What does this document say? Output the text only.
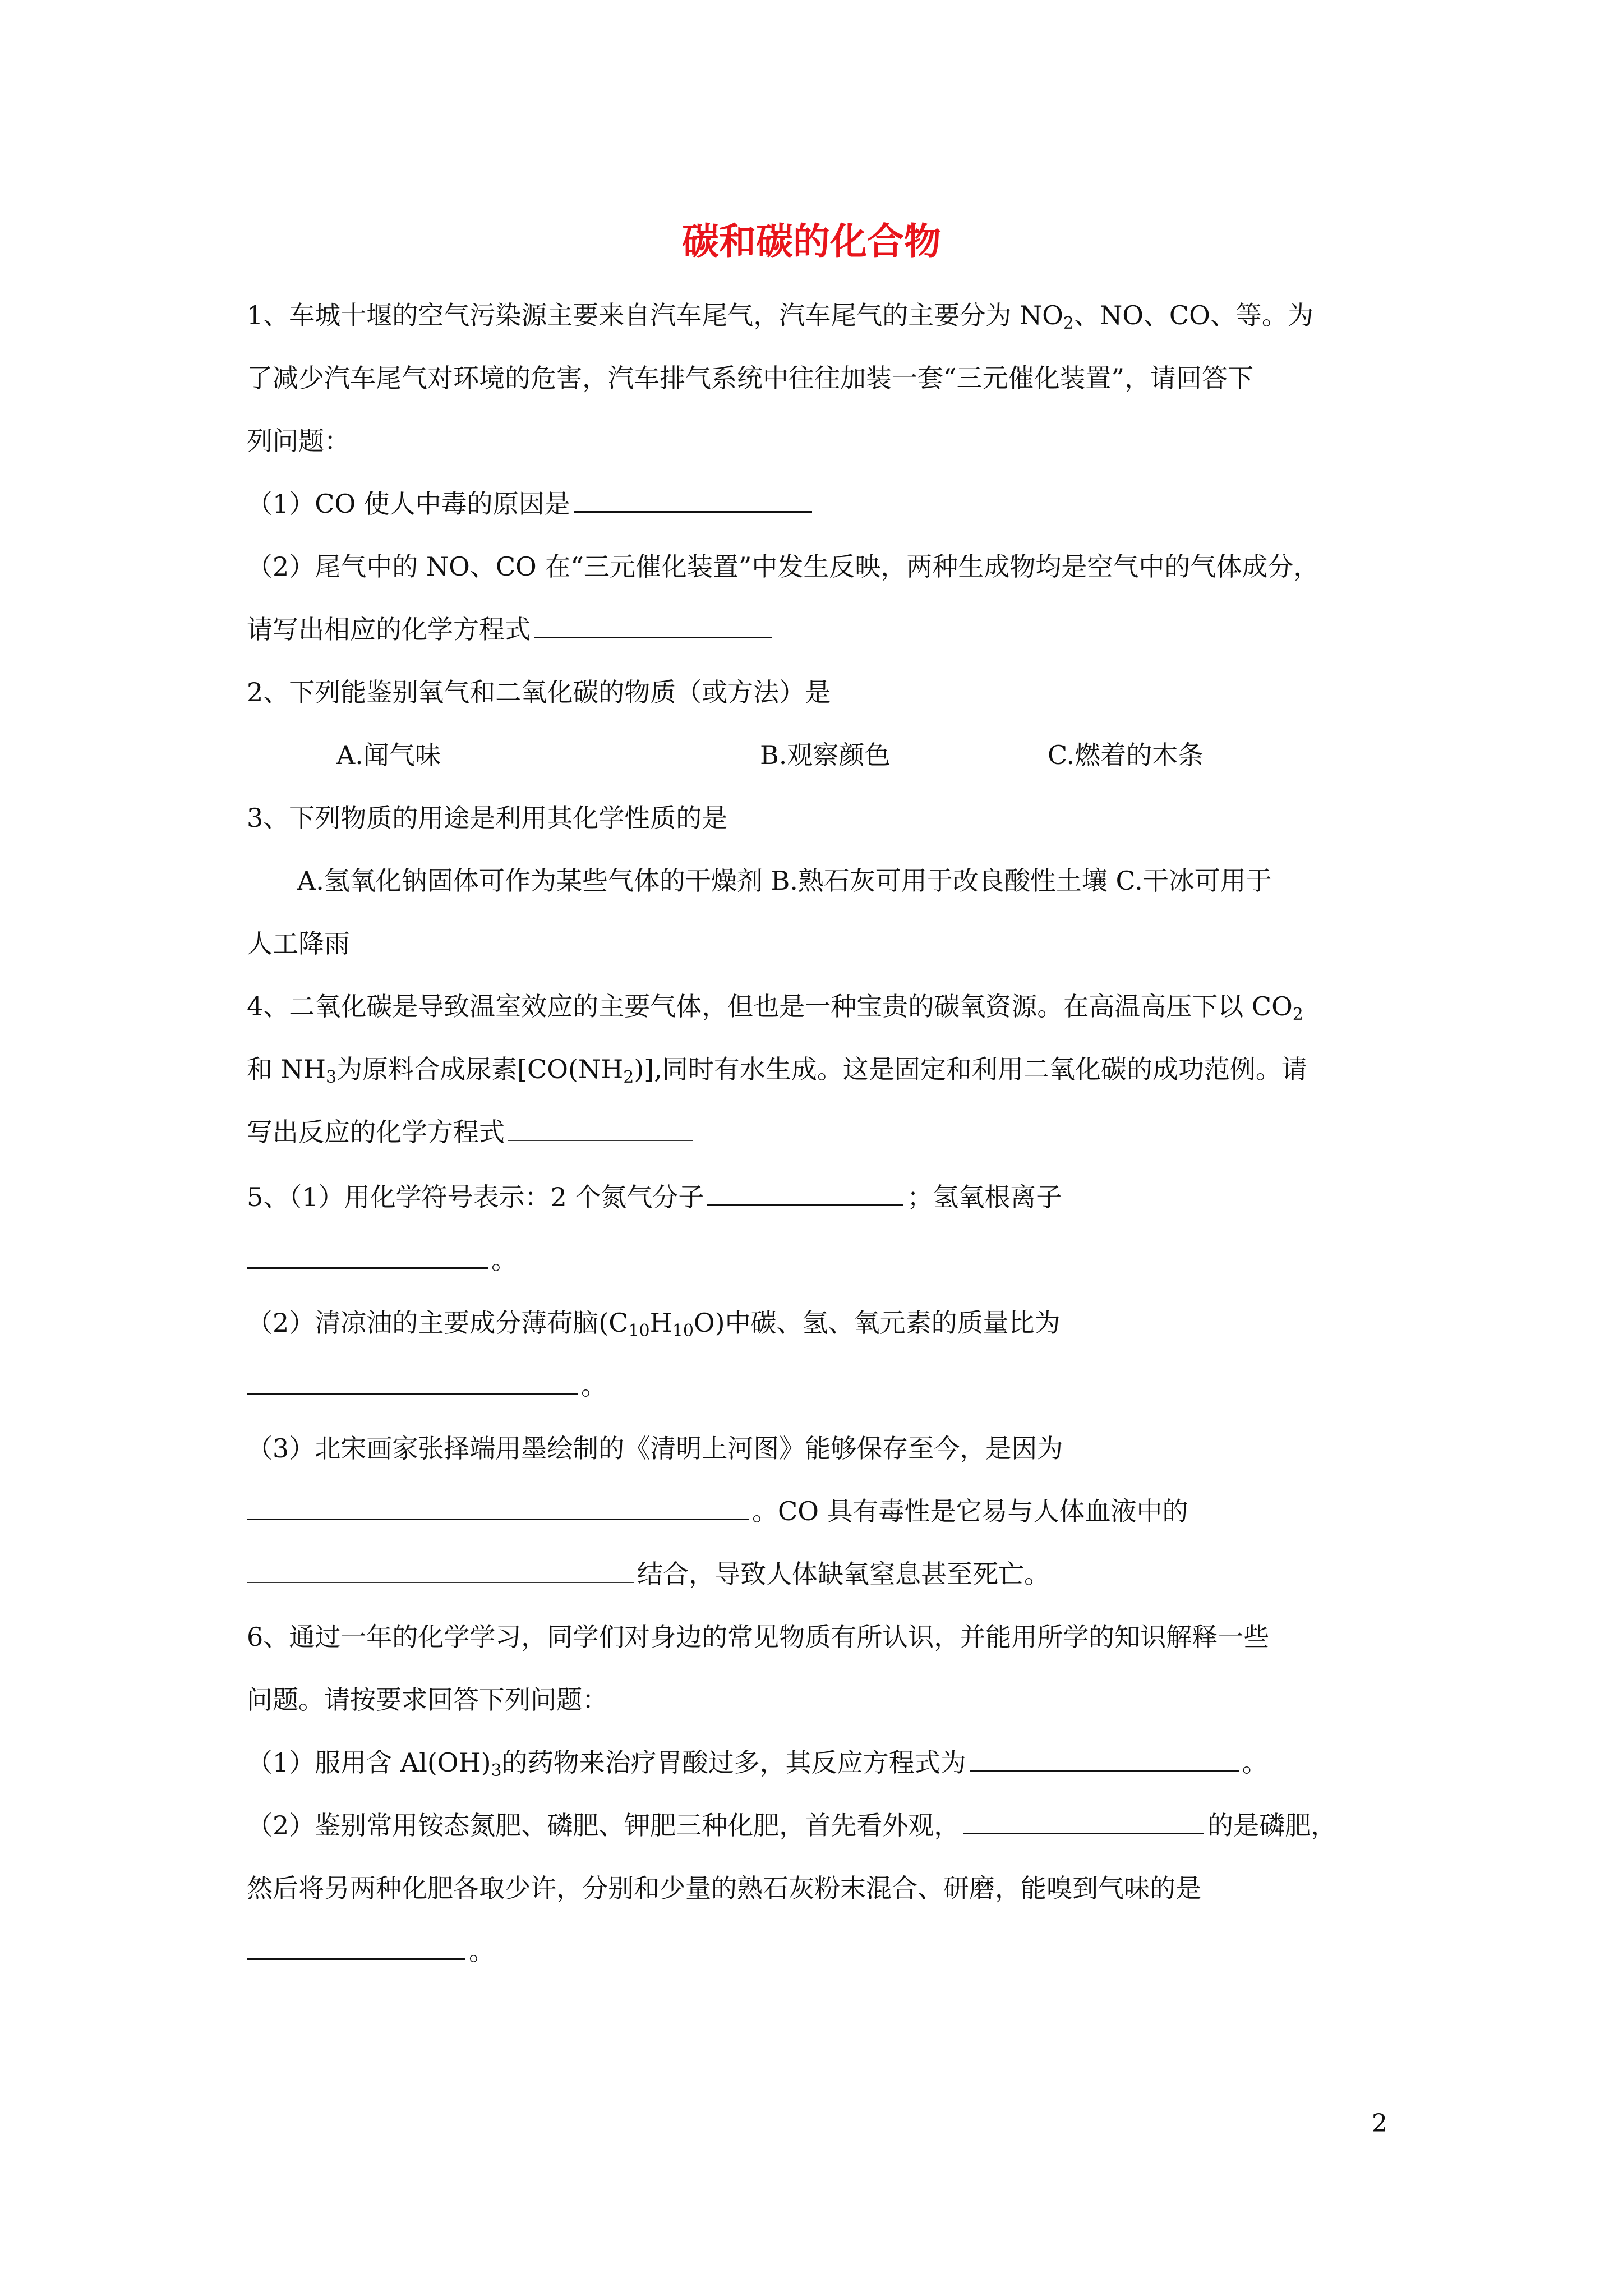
碳和碳的化合物
1、车城十堰的空气污染源主要来自汽车尾气，汽车尾气的主要分为 $NO_2$、NO、CO、等。为
了减少汽车尾气对环境的危害，汽车排气系统中往往加装一套“三元催化装置”，请回答下
列问题：
（1）CO 使人中毒的原因是
（2）尾气中的 NO、CO 在“三元催化装置”中发生反映，两种生成物均是空气中的气体成分，
请写出相应的化学方程式
2、下列能鉴别氧气和二氧化碳的物质（或方法）是
A.闻气味	B.观察颜色	C.燃着的木条
3、下列物质的用途是利用其化学性质的是
A.氢氧化钠固体可作为某些气体的干燥剂 B.熟石灰可用于改良酸性土壤 C.干冰可用于
人工降雨
4、二氧化碳是导致温室效应的主要气体，但也是一种宝贵的碳氧资源。在高温高压下以 $CO_2$
和 $NH_3$为原料合成尿素$[CO(NH_2)]$,同时有水生成。这是固定和利用二氧化碳的成功范例。请
写出反应的化学方程式
5、（1）用化学符号表示：2 个氮气分子	；氢氧根离子
。
（2）清凉油的主要成分薄荷脑$(C_{10}H_{10}O)$中碳、氢、氧元素的质量比为
。
（3）北宋画家张择端用墨绘制的《清明上河图》能够保存至今，是因为
。CO 具有毒性是它易与人体血液中的
结合，导致人体缺氧窒息甚至死亡。
6、通过一年的化学学习，同学们对身边的常见物质有所认识，并能用所学的知识解释一些
问题。请按要求回答下列问题：
（1）服用含 $Al(OH)_3$的药物来治疗胃酸过多，其反应方程式为	。
（2）鉴别常用铵态氮肥、磷肥、钾肥三种化肥，首先看外观，	的是磷肥，
然后将另两种化肥各取少许，分别和少量的熟石灰粉末混合、研磨，能嗅到气味的是
。
2
